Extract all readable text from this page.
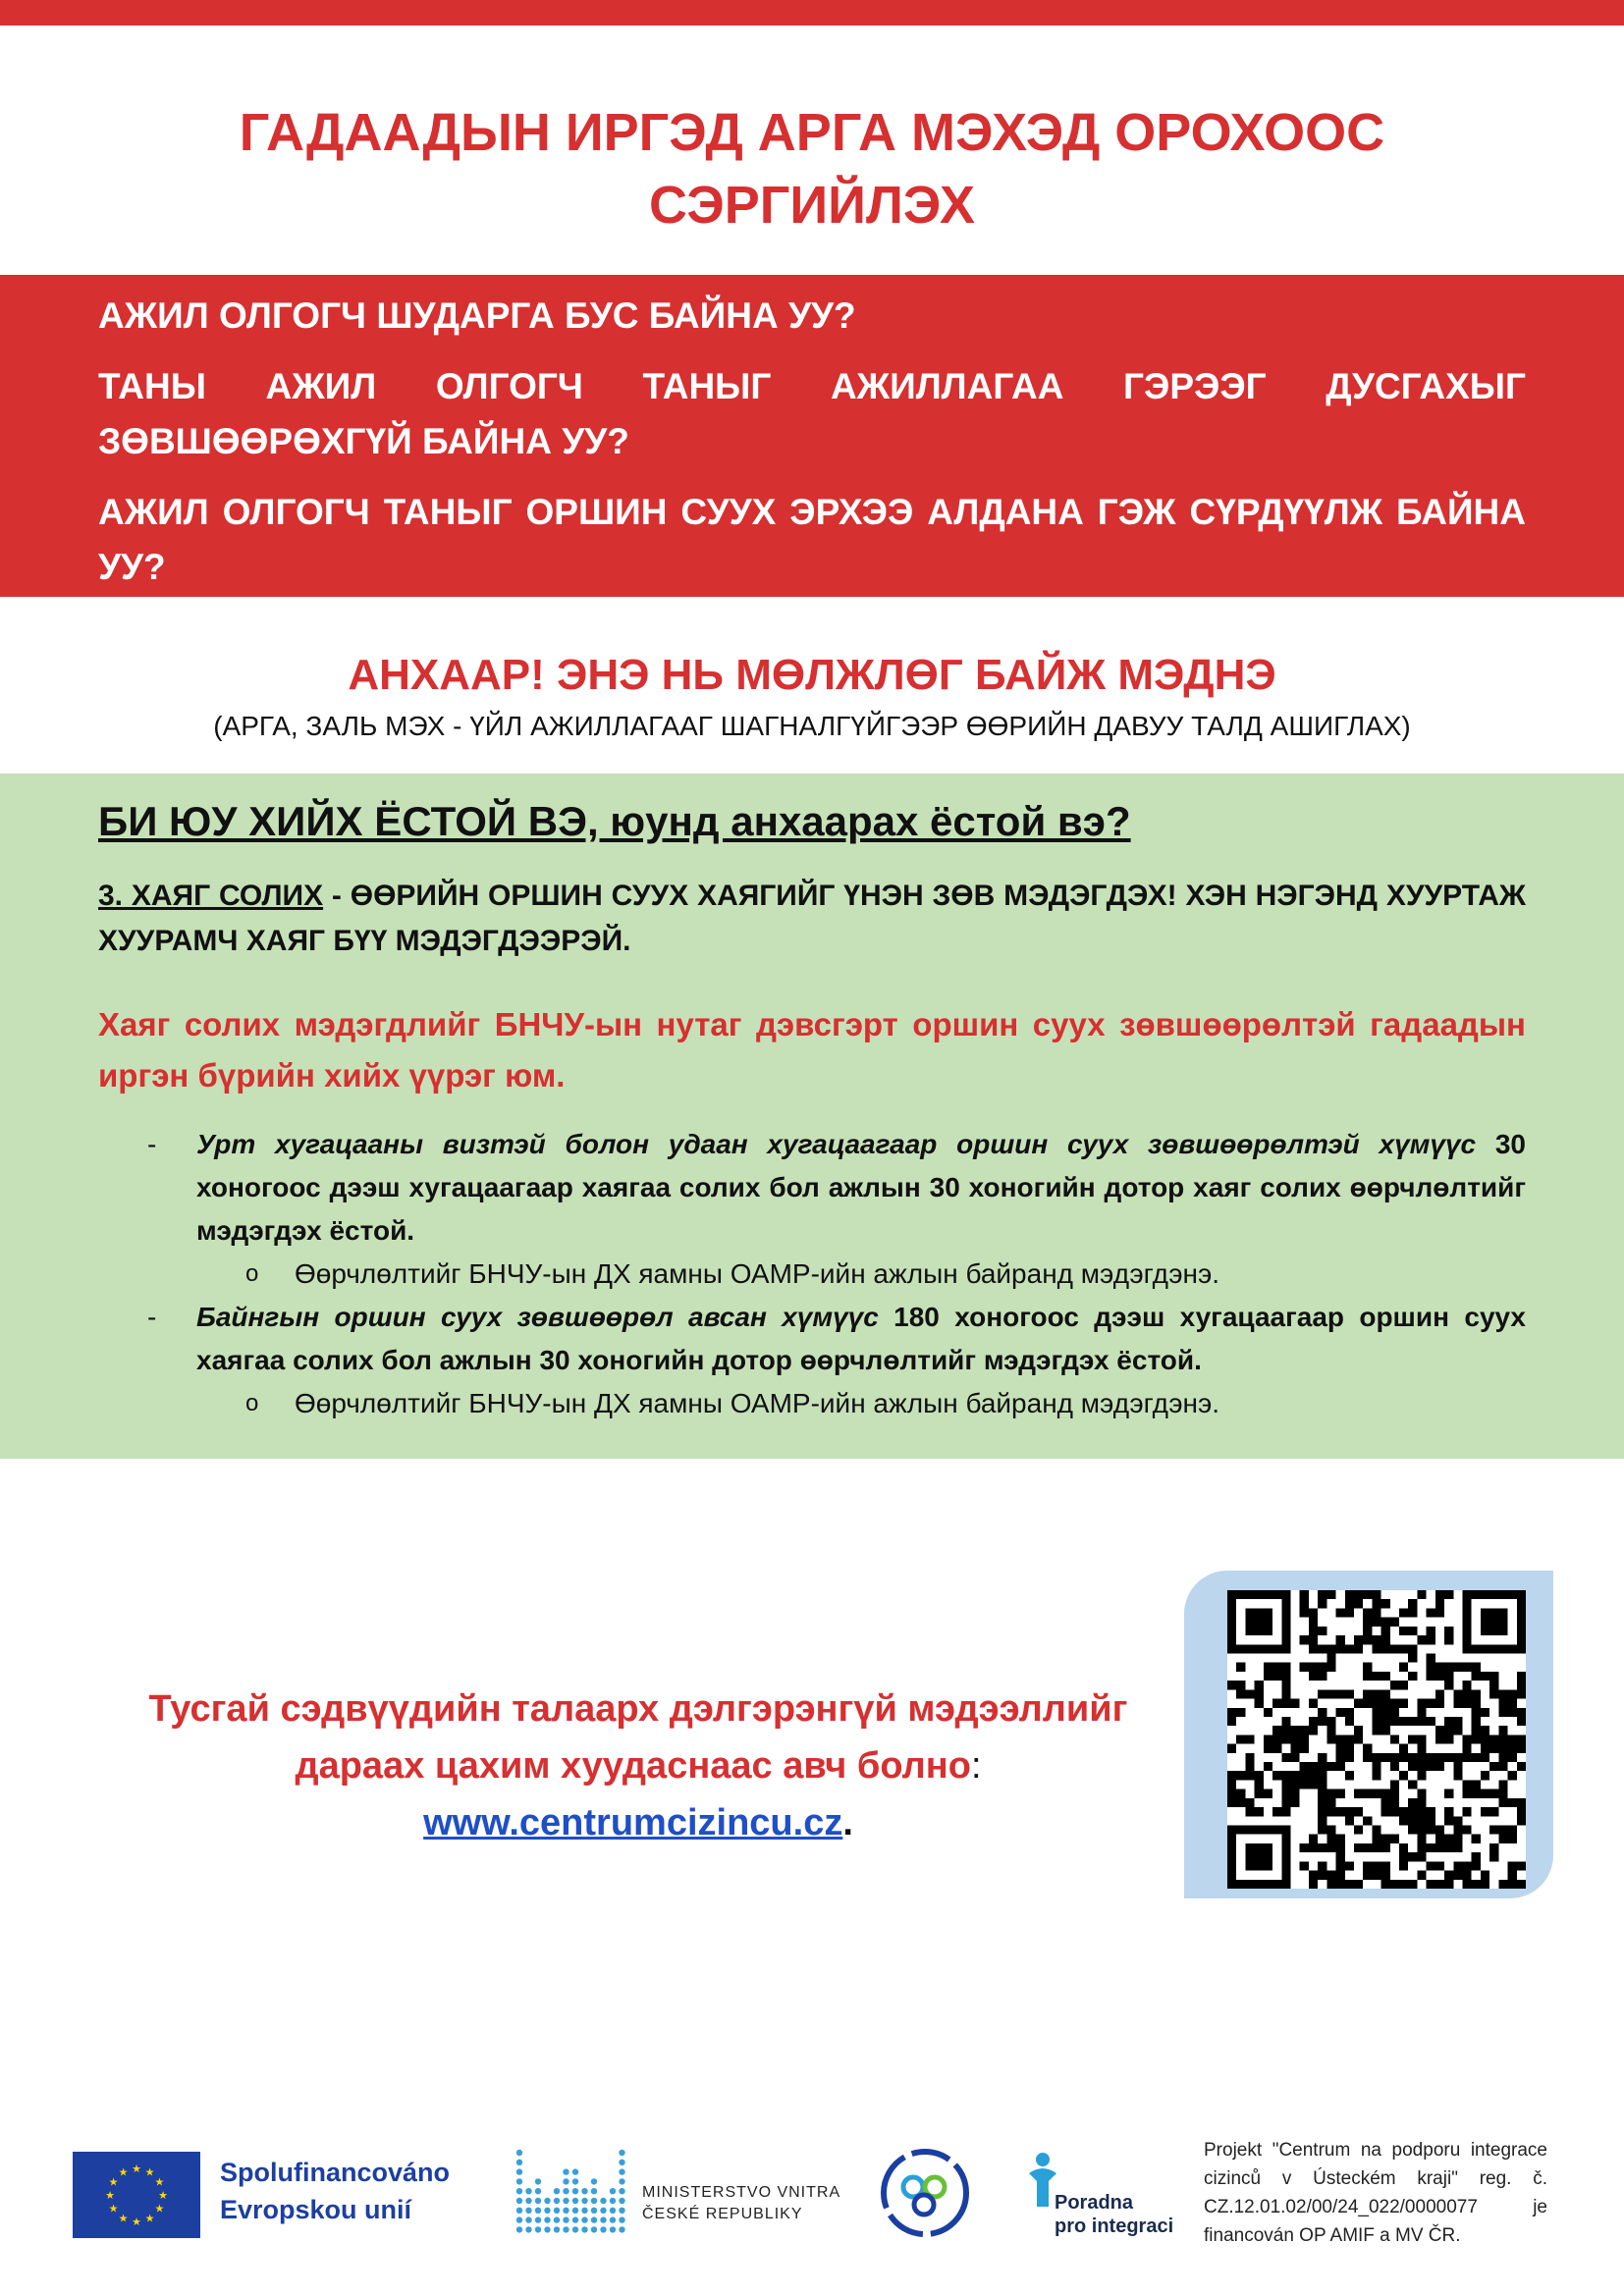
ГАДААДЫН ИРГЭД АРГА МЭХЭД ОРОХООС
СЭРГИЙЛЭХ

АЖИЛ ОЛГОГЧ ШУДАРГА БУС БАЙНА УУ?

ТАНЫ АЖИЛ ОЛГОГЧ ТАНЫГ АЖИЛЛАГАА ГЭРЭЭГ ДУСГАХЫГ ЗӨВШӨӨРӨХГҮЙ БАЙНА УУ?

АЖИЛ ОЛГОГЧ ТАНЫГ ОРШИН СУУХ ЭРХЭЭ АЛДАНА ГЭЖ СҮРДҮҮЛЖ БАЙНА УУ?

АНХААР! ЭНЭ НЬ МӨЛЖЛӨГ БАЙЖ МЭДНЭ
(АРГА, ЗАЛЬ МЭХ - ҮЙЛ АЖИЛЛАГААГ ШАГНАЛГҮЙГЭЭР ӨӨРИЙН ДАВУУ ТАЛД АШИГЛАХ)
БИ ЮУ ХИЙХ ЁСТОЙ ВЭ, юунд анхаарах ёстой вэ?

3. ХАЯГ СОЛИХ - ӨӨРИЙН ОРШИН СУУХ ХАЯГИЙГ ҮНЭН ЗӨВ МЭДЭГДЭХ! ХЭН НЭГЭНД ХУУРТАЖ ХУУРАМЧ ХАЯГ БҮҮ МЭДЭГДЭЭРЭЙ.

Хаяг солих мэдэгдлийг БНЧУ-ын нутаг дэвсгэрт оршин суух зөвшөөрөлтэй гадаадын иргэн бүрийн хийх үүрэг юм.

- Урт хугацааны визтэй болон удаан хугацаагаар оршин суух зөвшөөрөлтэй хүмүүс 30 хоногоос дээш хугацаагаар хаягаа солих бол ажлын 30 хоногийн дотор хаяг солих өөрчлөлтийг мэдэгдэх ёстой.
o Өөрчлөлтийг БНЧУ-ын ДХ яамны ОАМР-ийн ажлын байранд мэдэгдэнэ.
- Байнгын оршин суух зөвшөөрөл авсан хүмүүс 180 хоногоос дээш хугацаагаар оршин суух хаягаа солих бол ажлын 30 хоногийн дотор өөрчлөлтийг мэдэгдэх ёстой.
o Өөрчлөлтийг БНЧУ-ын ДХ яамны ОАМР-ийн ажлын байранд мэдэгдэнэ.
Тусгай сэдвүүдийн талаарх дэлгэрэнгүй мэдээллийг
дараах цахим хуудаснаас авч болно:
www.centrumcizincu.cz.
★
★
★
★
★
★
★
★
★ ★ ★
★ Spolufinancováno
Evropskou unií
MINISTERSTVO VNITRA
ČESKÉ REPUBLIKY
Poradna
pro integraci
Projekt "Centrum na podporu integrace cizinců v Ústeckém kraji" reg. č. CZ.12.01.02/00/24_022/0000077 je financován OP AMIF a MV ČR.
